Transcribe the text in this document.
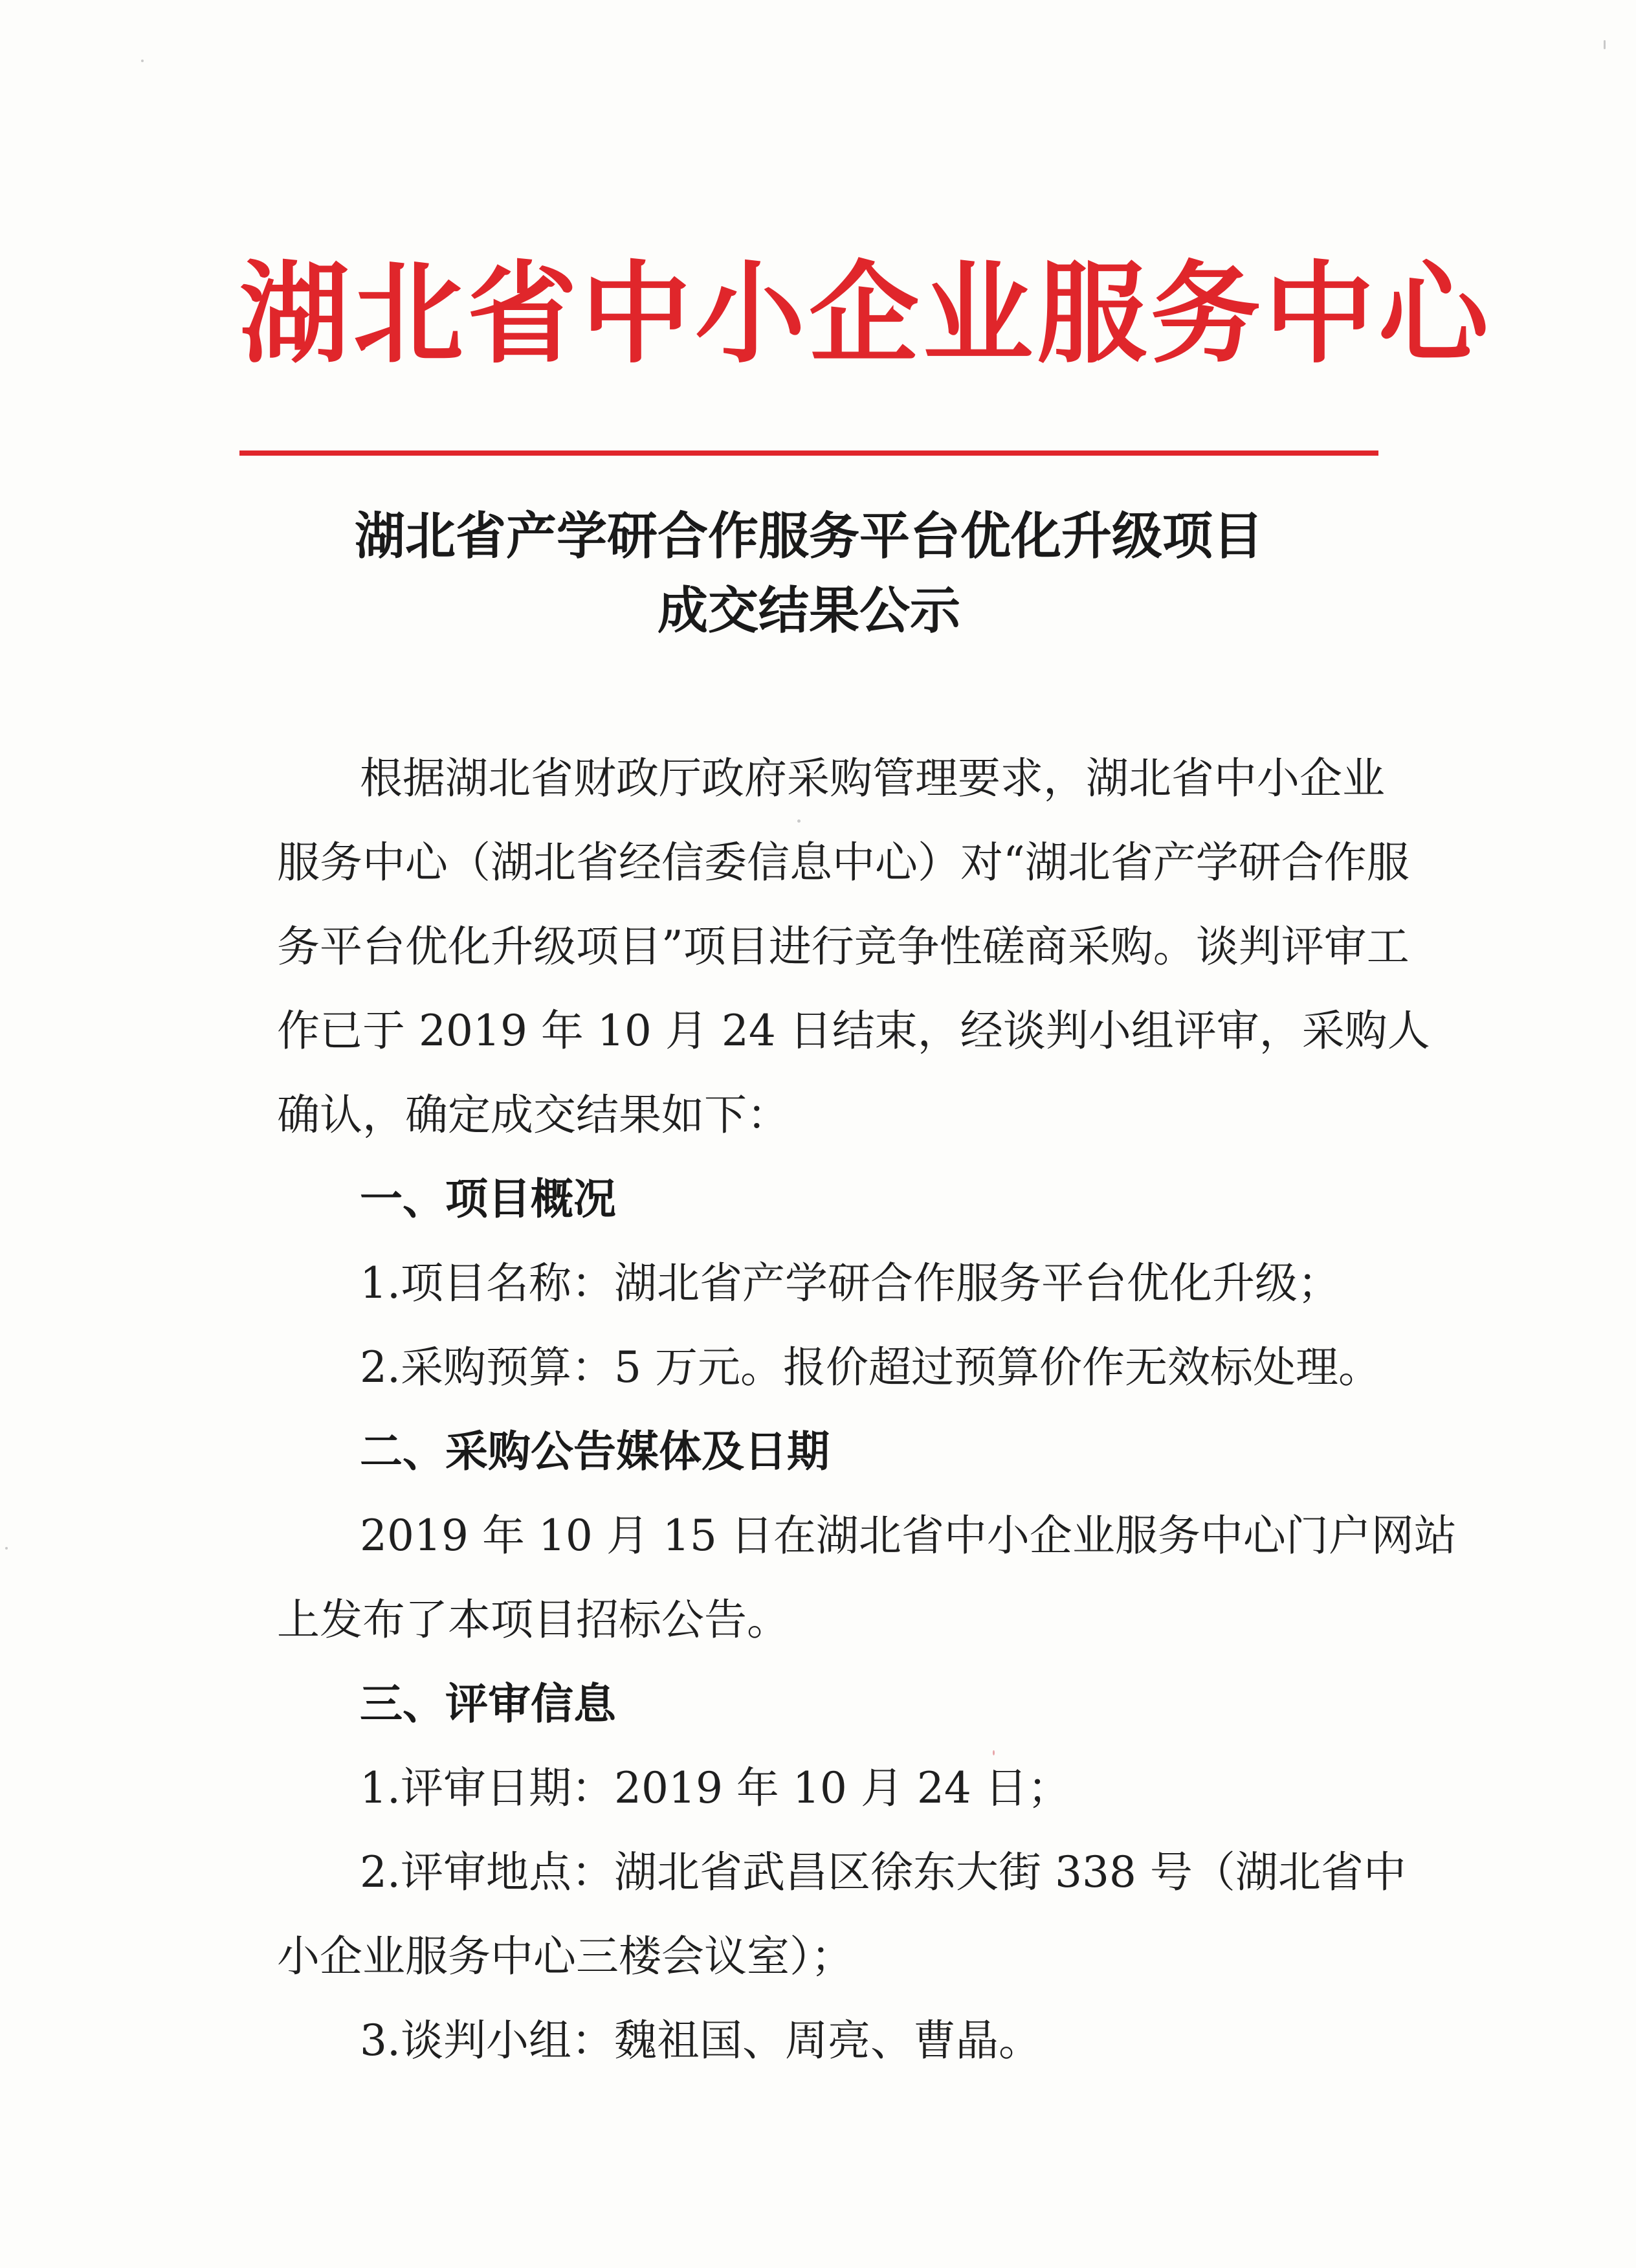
湖北省中小企业服务中心
湖北省产学研合作服务平台优化升级项目
成交结果公示
根据湖北省财政厅政府采购管理要求，湖北省中小企业
服务中心（湖北省经信委信息中心）对“湖北省产学研合作服
务平台优化升级项目”项目进行竞争性磋商采购。谈判评审工
作已于 2019 年 10 月 24 日结束，经谈判小组评审，采购人
确认，确定成交结果如下：
一、项目概况
1.项目名称：湖北省产学研合作服务平台优化升级；
2.采购预算：5 万元。报价超过预算价作无效标处理。
二、采购公告媒体及日期
2019 年 10 月 15 日在湖北省中小企业服务中心门户网站
上发布了本项目招标公告。
三、评审信息
1.评审日期：2019 年 10 月 24 日；
2.评审地点：湖北省武昌区徐东大街 338 号（湖北省中
小企业服务中心三楼会议室）；
3.谈判小组：魏祖国、周亮、曹晶。
